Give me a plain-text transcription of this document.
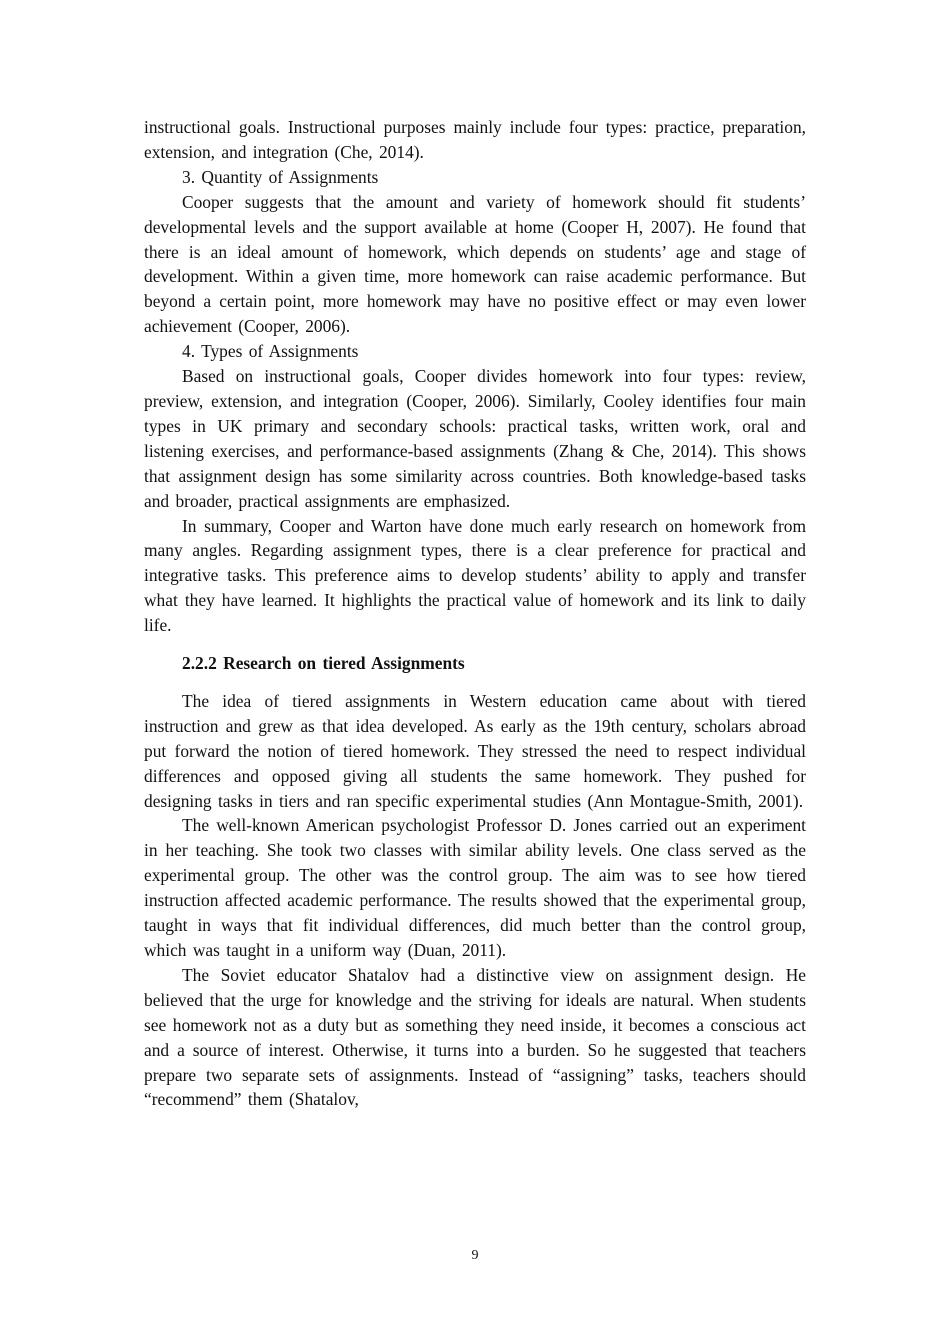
instructional goals. Instructional purposes mainly include four types: practice, preparation, extension, and integration (Che, 2014).

3. Quantity of Assignments

Cooper suggests that the amount and variety of homework should fit students’ developmental levels and the support available at home (Cooper H, 2007). He found that there is an ideal amount of homework, which depends on students’ age and stage of development. Within a given time, more homework can raise academic performance. But beyond a certain point, more homework may have no positive effect or may even lower achievement (Cooper, 2006).

4. Types of Assignments

Based on instructional goals, Cooper divides homework into four types: review, preview, extension, and integration (Cooper, 2006). Similarly, Cooley identifies four main types in UK primary and secondary schools: practical tasks, written work, oral and listening exercises, and performance-based assignments (Zhang & Che, 2014). This shows that assignment design has some similarity across countries. Both knowledge-based tasks and broader, practical assignments are emphasized.

In summary, Cooper and Warton have done much early research on homework from many angles. Regarding assignment types, there is a clear preference for practical and integrative tasks. This preference aims to develop students’ ability to apply and transfer what they have learned. It highlights the practical value of homework and its link to daily life.

2.2.2 Research on tiered Assignments

The idea of tiered assignments in Western education came about with tiered instruction and grew as that idea developed. As early as the 19th century, scholars abroad put forward the notion of tiered homework. They stressed the need to respect individual differences and opposed giving all students the same homework. They pushed for designing tasks in tiers and ran specific experimental studies (Ann Montague-Smith, 2001).

The well-known American psychologist Professor D. Jones carried out an experiment in her teaching. She took two classes with similar ability levels. One class served as the experimental group. The other was the control group. The aim was to see how tiered instruction affected academic performance. The results showed that the experimental group, taught in ways that fit individual differences, did much better than the control group, which was taught in a uniform way (Duan, 2011).

The Soviet educator Shatalov had a distinctive view on assignment design. He believed that the urge for knowledge and the striving for ideals are natural. When students see homework not as a duty but as something they need inside, it becomes a conscious act and a source of interest. Otherwise, it turns into a burden. So he suggested that teachers prepare two separate sets of assignments. Instead of “assigning” tasks, teachers should “recommend” them (Shatalov,

9
